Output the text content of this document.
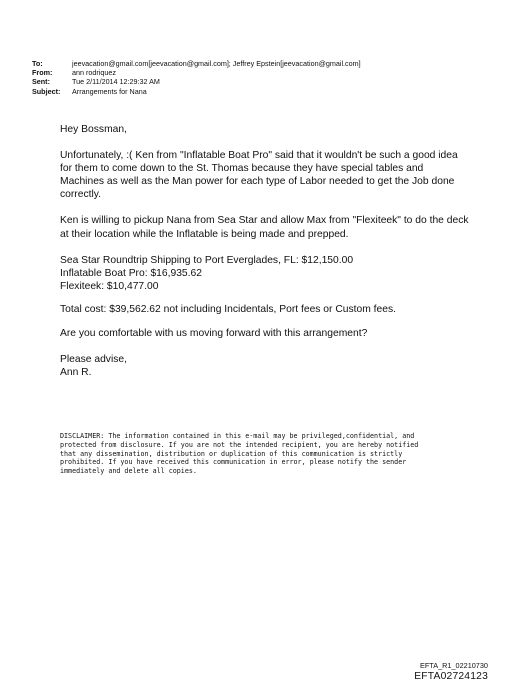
To:	jeevacation@gmail.com[jeevacation@gmail.com]; Jeffrey Epstein[jeevacation@gmail.com]
From:	ann rodriquez
Sent:	Tue 2/11/2014 12:29:32 AM
Subject:	Arrangements for Nana

Hey Bossman,

Unfortunately, :( Ken from "Inflatable Boat Pro" said that it wouldn't be such a good idea for them to come down to the St. Thomas because they have special tables and Machines as well as the Man power for each type of Labor needed to get the Job done correctly.

Ken is willing to pickup Nana from Sea Star and allow Max from "Flexiteek" to do the deck at their location while the Inflatable is being made and prepped.

Sea Star Roundtrip Shipping to Port Everglades, FL: $12,150.00

Inflatable Boat Pro: $16,935.62

Flexiteek: $10,477.00

Total cost: $39,562.62 not including Incidentals, Port fees or Custom fees.

Are you comfortable with us moving forward with this arrangement?

Please advise,

Ann R.

DISCLAIMER: The information contained in this e-mail may be privileged,confidential, and
protected from disclosure. If you are not the intended recipient, you are hereby notified
that any dissemination, distribution or duplication of this communication is strictly
prohibited. If you have received this communication in error, please notify the sender
immediately and delete all copies.
EFTA_R1_02210730
EFTA02724123
